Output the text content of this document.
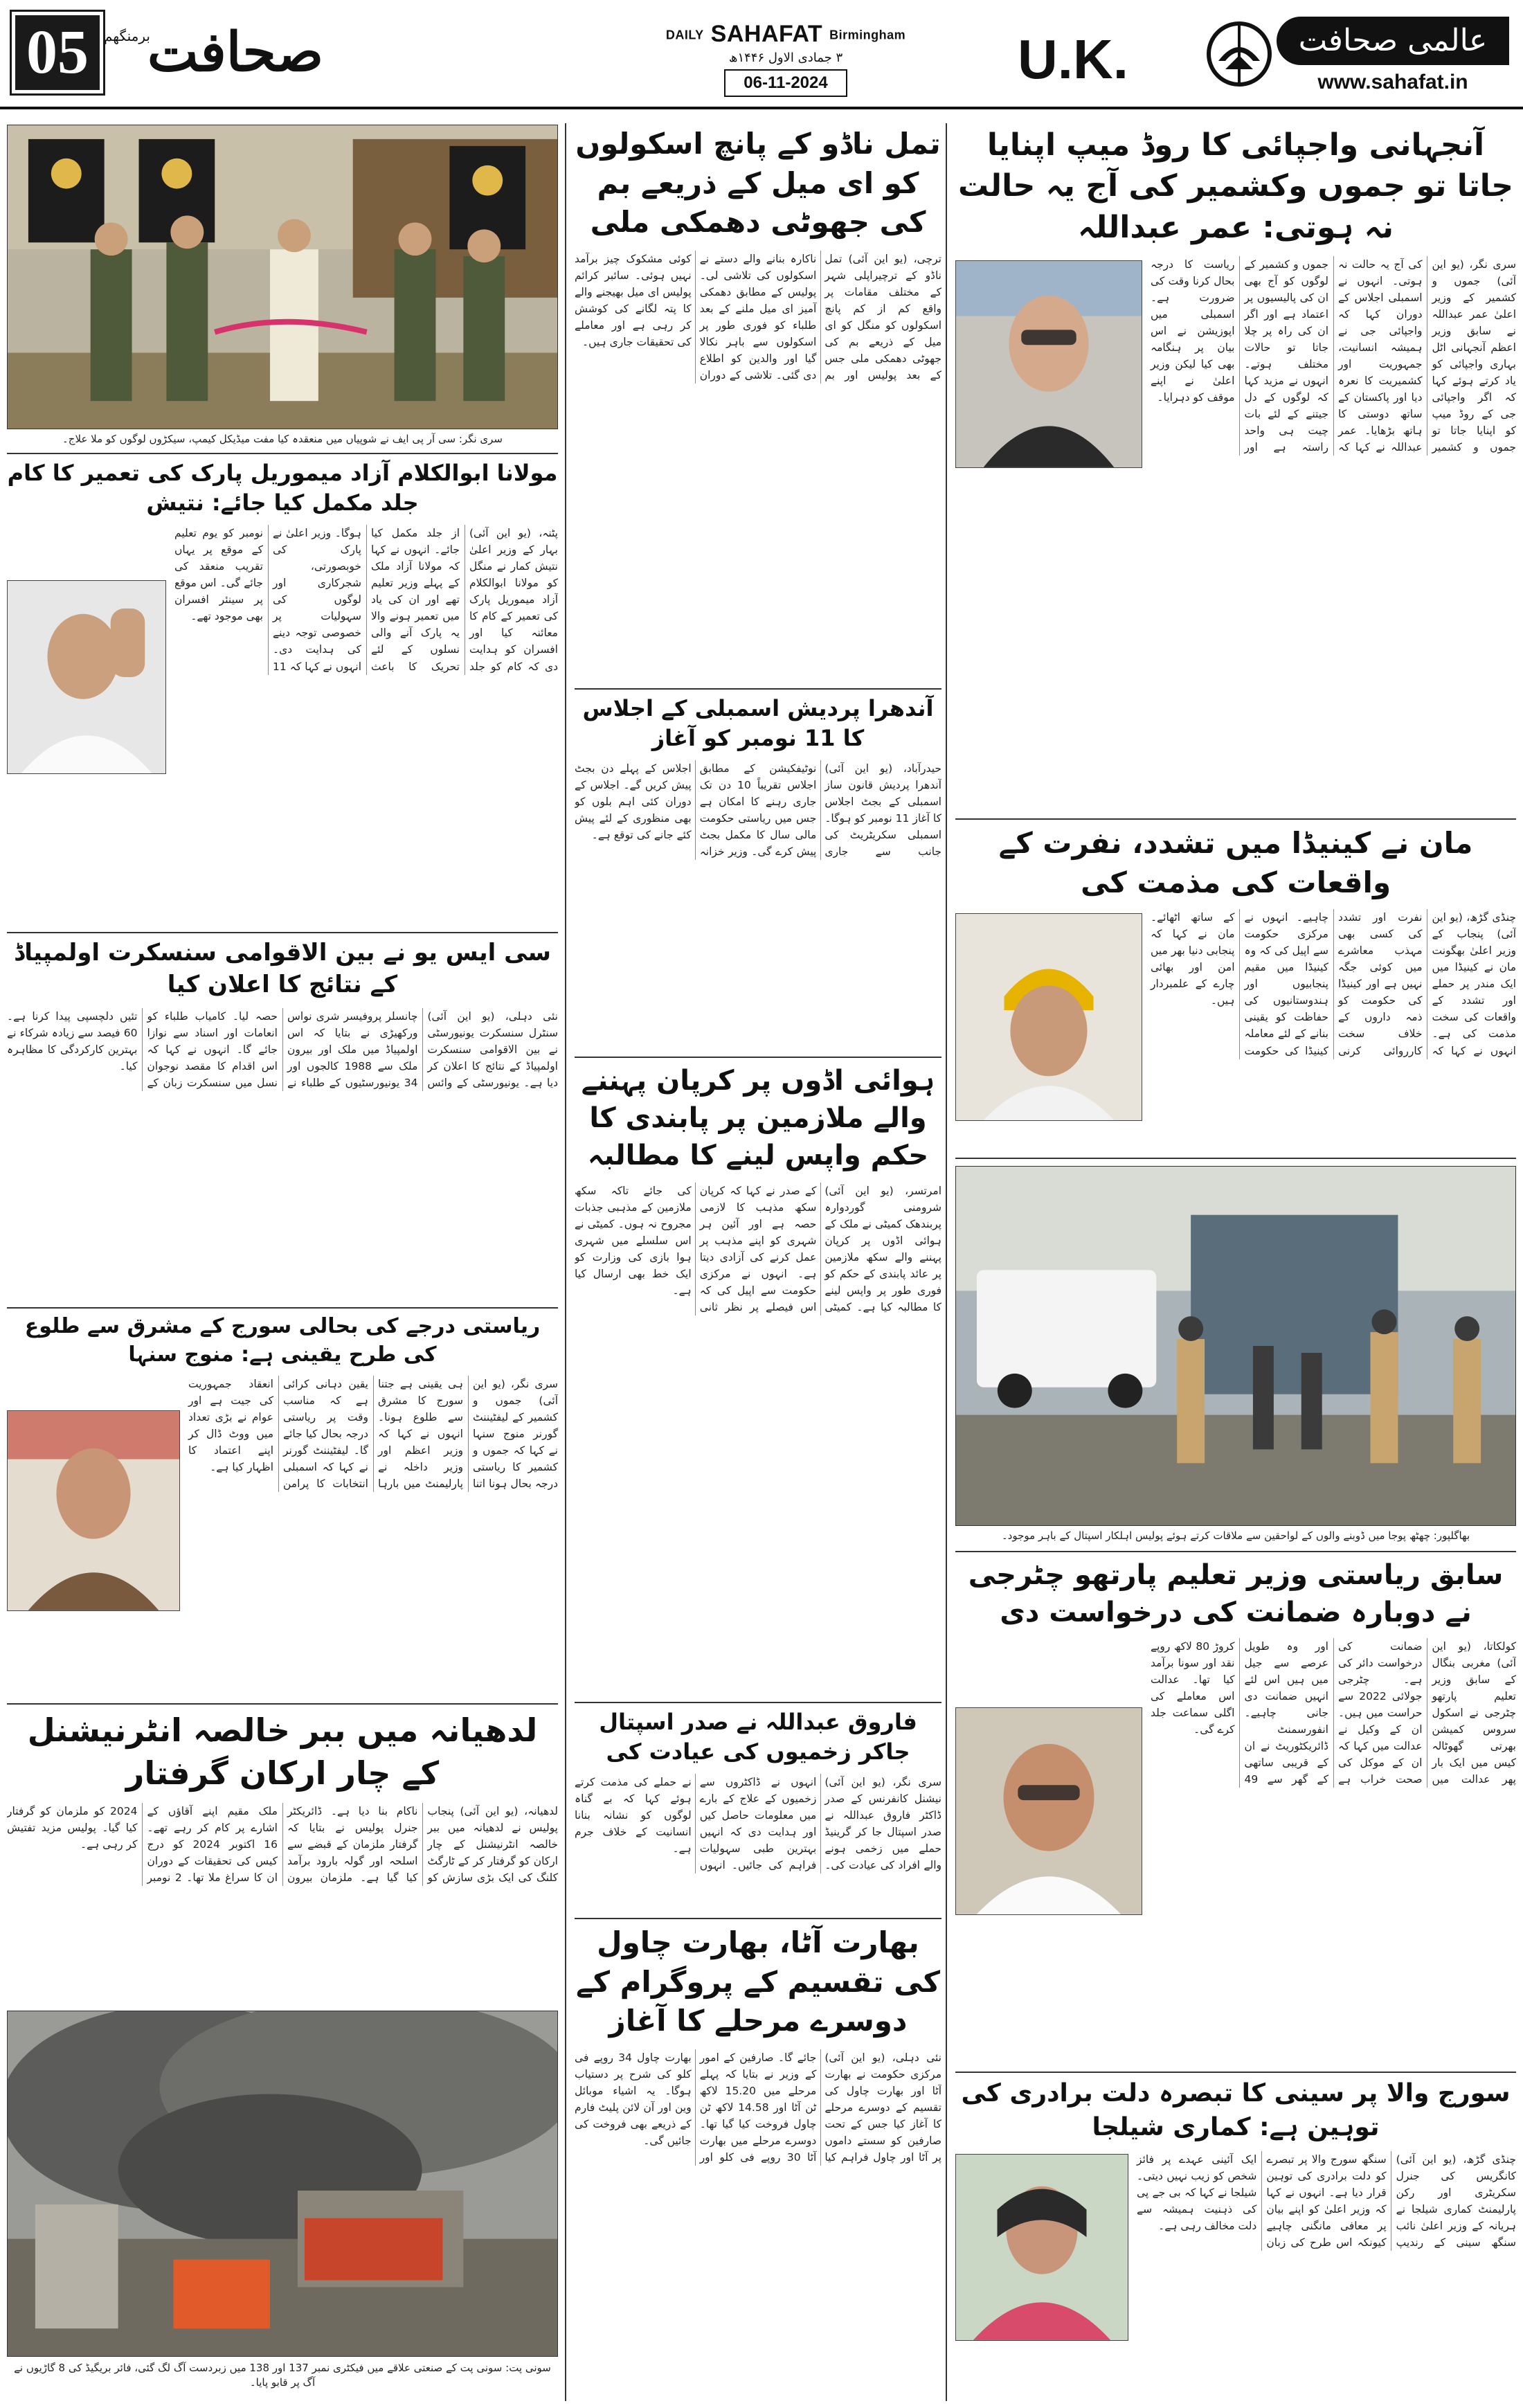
05	صحافت
برمنگھم	DAILY SAHAFAT Birmingham
۳ جمادی الاول ۱۴۴۶ھ
06-11-2024	U.K.	عالمی صحافت
www.sahafat.in
آنجہانی واجپائی کا روڈ میپ اپنایا جاتا تو جموں وکشمیر کی آج یہ حالت نہ ہوتی: عمر عبداللہ
سری نگر، (یو این آئی) جموں و کشمیر کے وزیر اعلیٰ عمر عبداللہ نے سابق وزیر اعظم آنجہانی اٹل بہاری واجپائی کو یاد کرتے ہوئے کہا کہ اگر واجپائی جی کے روڈ میپ کو اپنایا جاتا تو جموں و کشمیر کی آج یہ حالت نہ ہوتی۔ انہوں نے اسمبلی اجلاس کے دوران کہا کہ واجپائی جی نے ہمیشہ انسانیت، جمہوریت اور کشمیریت کا نعرہ دیا اور پاکستان کے ساتھ دوستی کا ہاتھ بڑھایا۔ عمر عبداللہ نے کہا کہ جموں و کشمیر کے لوگوں کو آج بھی ان کی پالیسیوں پر اعتماد ہے اور اگر ان کی راہ پر چلا جاتا تو حالات مختلف ہوتے۔ انہوں نے مزید کہا کہ لوگوں کے دل جیتنے کے لئے بات چیت ہی واحد راستہ ہے اور ریاست کا درجہ بحال کرنا وقت کی ضرورت ہے۔ اسمبلی میں اپوزیشن نے اس بیان پر ہنگامہ بھی کیا لیکن وزیر اعلیٰ نے اپنے موقف کو دہرایا۔
مان نے کینیڈا میں تشدد، نفرت کے واقعات کی مذمت کی
چنڈی گڑھ، (یو این آئی) پنجاب کے وزیر اعلیٰ بھگونت مان نے کینیڈا میں ایک مندر پر حملے اور تشدد کے واقعات کی سخت مذمت کی ہے۔ انہوں نے کہا کہ نفرت اور تشدد کی کسی بھی مہذب معاشرے میں کوئی جگہ نہیں ہے اور کینیڈا کی حکومت کو ذمہ داروں کے خلاف سخت کارروائی کرنی چاہیے۔ انہوں نے مرکزی حکومت سے اپیل کی کہ وہ کینیڈا میں مقیم پنجابیوں اور ہندوستانیوں کی حفاظت کو یقینی بنانے کے لئے معاملہ کینیڈا کی حکومت کے ساتھ اٹھائے۔ مان نے کہا کہ پنجابی دنیا بھر میں امن اور بھائی چارے کے علمبردار ہیں۔
بھاگلپور: چھٹھ پوجا میں ڈوبنے والوں کے لواحقین سے ملاقات کرتے ہوئے پولیس اہلکار اسپتال کے باہر موجود۔
سابق ریاستی وزیر تعلیم پارتھو چٹرجی نے دوبارہ ضمانت کی درخواست دی
کولکاتا، (یو این آئی) مغربی بنگال کے سابق وزیر تعلیم پارتھو چٹرجی نے اسکول سروس کمیشن بھرتی گھوٹالہ کیس میں ایک بار پھر عدالت میں ضمانت کی درخواست دائر کی ہے۔ چٹرجی جولائی 2022 سے حراست میں ہیں۔ ان کے وکیل نے عدالت میں کہا کہ ان کے موکل کی صحت خراب ہے اور وہ طویل عرصے سے جیل میں ہیں اس لئے انہیں ضمانت دی جانی چاہیے۔ انفورسمنٹ ڈائریکٹوریٹ نے ان کے قریبی ساتھی کے گھر سے 49 کروڑ 80 لاکھ روپے نقد اور سونا برآمد کیا تھا۔ عدالت اس معاملے کی اگلی سماعت جلد کرے گی۔
سورج والا پر سینی کا تبصرہ دلت برادری کی توہین ہے: کماری شیلجا
چنڈی گڑھ، (یو این آئی) کانگریس کی جنرل سکریٹری اور رکن پارلیمنٹ کماری شیلجا نے ہریانہ کے وزیر اعلیٰ نائب سنگھ سینی کے رندیپ سنگھ سورج والا پر تبصرے کو دلت برادری کی توہین قرار دیا ہے۔ انہوں نے کہا کہ وزیر اعلیٰ کو اپنے بیان پر معافی مانگنی چاہیے کیونکہ اس طرح کی زبان ایک آئینی عہدے پر فائز شخص کو زیب نہیں دیتی۔ شیلجا نے کہا کہ بی جے پی کی ذہنیت ہمیشہ سے دلت مخالف رہی ہے۔
تمل ناڈو کے پانچ اسکولوں کو ای میل کے ذریعے بم کی جھوٹی دھمکی ملی
ترچی، (یو این آئی) تمل ناڈو کے ترچیراپلی شہر کے مختلف مقامات پر واقع کم از کم پانچ اسکولوں کو منگل کو ای میل کے ذریعے بم کی جھوٹی دھمکی ملی جس کے بعد پولیس اور بم ناکارہ بنانے والے دستے نے اسکولوں کی تلاشی لی۔ پولیس کے مطابق دھمکی آمیز ای میل ملنے کے بعد طلباء کو فوری طور پر اسکولوں سے باہر نکالا گیا اور والدین کو اطلاع دی گئی۔ تلاشی کے دوران کوئی مشکوک چیز برآمد نہیں ہوئی۔ سائبر کرائم پولیس ای میل بھیجنے والے کا پتہ لگانے کی کوشش کر رہی ہے اور معاملے کی تحقیقات جاری ہیں۔
آندھرا پردیش اسمبلی کے اجلاس کا 11 نومبر کو آغاز
حیدرآباد، (یو این آئی) آندھرا پردیش قانون ساز اسمبلی کے بجٹ اجلاس کا آغاز 11 نومبر کو ہوگا۔ اسمبلی سکریٹریٹ کی جانب سے جاری نوٹیفکیشن کے مطابق اجلاس تقریباً 10 دن تک جاری رہنے کا امکان ہے جس میں ریاستی حکومت مالی سال کا مکمل بجٹ پیش کرے گی۔ وزیر خزانہ اجلاس کے پہلے دن بجٹ پیش کریں گے۔ اجلاس کے دوران کئی اہم بلوں کو بھی منظوری کے لئے پیش کئے جانے کی توقع ہے۔
ہوائی اڈوں پر کرپان پہننے والے ملازمین پر پابندی کا حکم واپس لینے کا مطالبہ
امرتسر، (یو این آئی) شرومنی گوردوارہ پربندھک کمیٹی نے ملک کے ہوائی اڈوں پر کرپان پہننے والے سکھ ملازمین پر عائد پابندی کے حکم کو فوری طور پر واپس لینے کا مطالبہ کیا ہے۔ کمیٹی کے صدر نے کہا کہ کرپان سکھ مذہب کا لازمی حصہ ہے اور آئین ہر شہری کو اپنے مذہب پر عمل کرنے کی آزادی دیتا ہے۔ انہوں نے مرکزی حکومت سے اپیل کی کہ اس فیصلے پر نظر ثانی کی جائے تاکہ سکھ ملازمین کے مذہبی جذبات مجروح نہ ہوں۔ کمیٹی نے اس سلسلے میں شہری ہوا بازی کی وزارت کو ایک خط بھی ارسال کیا ہے۔
فاروق عبداللہ نے صدر اسپتال جاکر زخمیوں کی عیادت کی
سری نگر، (یو این آئی) نیشنل کانفرنس کے صدر ڈاکٹر فاروق عبداللہ نے صدر اسپتال جا کر گرینیڈ حملے میں زخمی ہونے والے افراد کی عیادت کی۔ انہوں نے ڈاکٹروں سے زخمیوں کے علاج کے بارے میں معلومات حاصل کیں اور ہدایت دی کہ انہیں بہترین طبی سہولیات فراہم کی جائیں۔ انہوں نے حملے کی مذمت کرتے ہوئے کہا کہ بے گناہ لوگوں کو نشانہ بنانا انسانیت کے خلاف جرم ہے۔
بھارت آٹا، بھارت چاول کی تقسیم کے پروگرام کے دوسرے مرحلے کا آغاز
نئی دہلی، (یو این آئی) مرکزی حکومت نے بھارت آٹا اور بھارت چاول کی تقسیم کے دوسرے مرحلے کا آغاز کیا جس کے تحت صارفین کو سستے داموں پر آٹا اور چاول فراہم کیا جائے گا۔ صارفین کے امور کے وزیر نے بتایا کہ پہلے مرحلے میں 15.20 لاکھ ٹن آٹا اور 14.58 لاکھ ٹن چاول فروخت کیا گیا تھا۔ دوسرے مرحلے میں بھارت آٹا 30 روپے فی کلو اور بھارت چاول 34 روپے فی کلو کی شرح پر دستیاب ہوگا۔ یہ اشیاء موبائل وین اور آن لائن پلیٹ فارم کے ذریعے بھی فروخت کی جائیں گی۔
سری نگر: سی آر پی ایف نے شوپیاں میں منعقدہ کیا مفت میڈیکل کیمپ، سیکڑوں لوگوں کو ملا علاج۔
مولانا ابوالکلام آزاد میموریل پارک کی تعمیر کا کام جلد مکمل کیا جائے: نتیش
پٹنہ، (یو این آئی) بہار کے وزیر اعلیٰ نتیش کمار نے منگل کو مولانا ابوالکلام آزاد میموریل پارک کی تعمیر کے کام کا معائنہ کیا اور افسران کو ہدایت دی کہ کام کو جلد از جلد مکمل کیا جائے۔ انہوں نے کہا کہ مولانا آزاد ملک کے پہلے وزیر تعلیم تھے اور ان کی یاد میں تعمیر ہونے والا یہ پارک آنے والی نسلوں کے لئے تحریک کا باعث ہوگا۔ وزیر اعلیٰ نے پارک کی خوبصورتی، شجرکاری اور لوگوں کی سہولیات پر خصوصی توجہ دینے کی ہدایت دی۔ انہوں نے کہا کہ 11 نومبر کو یوم تعلیم کے موقع پر یہاں تقریب منعقد کی جائے گی۔ اس موقع پر سینئر افسران بھی موجود تھے۔
سی ایس یو نے بین الاقوامی سنسکرت اولمپیاڈ کے نتائج کا اعلان کیا
نئی دہلی، (یو این آئی) سنٹرل سنسکرت یونیورسٹی نے بین الاقوامی سنسکرت اولمپیاڈ کے نتائج کا اعلان کر دیا ہے۔ یونیورسٹی کے وائس چانسلر پروفیسر شری نواس ورکھیڑی نے بتایا کہ اس اولمپیاڈ میں ملک اور بیرون ملک سے 1988 کالجوں اور 34 یونیورسٹیوں کے طلباء نے حصہ لیا۔ کامیاب طلباء کو انعامات اور اسناد سے نوازا جائے گا۔ انہوں نے کہا کہ اس اقدام کا مقصد نوجوان نسل میں سنسکرت زبان کے تئیں دلچسپی پیدا کرنا ہے۔ 60 فیصد سے زیادہ شرکاء نے بہترین کارکردگی کا مظاہرہ کیا۔
ریاستی درجے کی بحالی سورج کے مشرق سے طلوع کی طرح یقینی ہے: منوج سنہا
سری نگر، (یو این آئی) جموں و کشمیر کے لیفٹیننٹ گورنر منوج سنہا نے کہا کہ جموں و کشمیر کا ریاستی درجہ بحال ہونا اتنا ہی یقینی ہے جتنا سورج کا مشرق سے طلوع ہونا۔ انہوں نے کہا کہ وزیر اعظم اور وزیر داخلہ نے پارلیمنٹ میں بارہا یقین دہانی کرائی ہے کہ مناسب وقت پر ریاستی درجہ بحال کیا جائے گا۔ لیفٹیننٹ گورنر نے کہا کہ اسمبلی انتخابات کا پرامن انعقاد جمہوریت کی جیت ہے اور عوام نے بڑی تعداد میں ووٹ ڈال کر اپنے اعتماد کا اظہار کیا ہے۔
لدھیانہ میں ببر خالصہ انٹرنیشنل کے چار ارکان گرفتار
لدھیانہ، (یو این آئی) پنجاب پولیس نے لدھیانہ میں ببر خالصہ انٹرنیشنل کے چار ارکان کو گرفتار کر کے ٹارگٹ کلنگ کی ایک بڑی سازش کو ناکام بنا دیا ہے۔ ڈائریکٹر جنرل پولیس نے بتایا کہ گرفتار ملزمان کے قبضے سے اسلحہ اور گولہ بارود برآمد کیا گیا ہے۔ ملزمان بیرون ملک مقیم اپنے آقاؤں کے اشارے پر کام کر رہے تھے۔ 16 اکتوبر 2024 کو درج کیس کی تحقیقات کے دوران ان کا سراغ ملا تھا۔ 2 نومبر 2024 کو ملزمان کو گرفتار کیا گیا۔ پولیس مزید تفتیش کر رہی ہے۔
سونی پت: سونی پت کے صنعتی علاقے میں فیکٹری نمبر 137 اور 138 میں زبردست آگ لگ گئی، فائر بریگیڈ کی 8 گاڑیوں نے آگ پر قابو پایا۔
